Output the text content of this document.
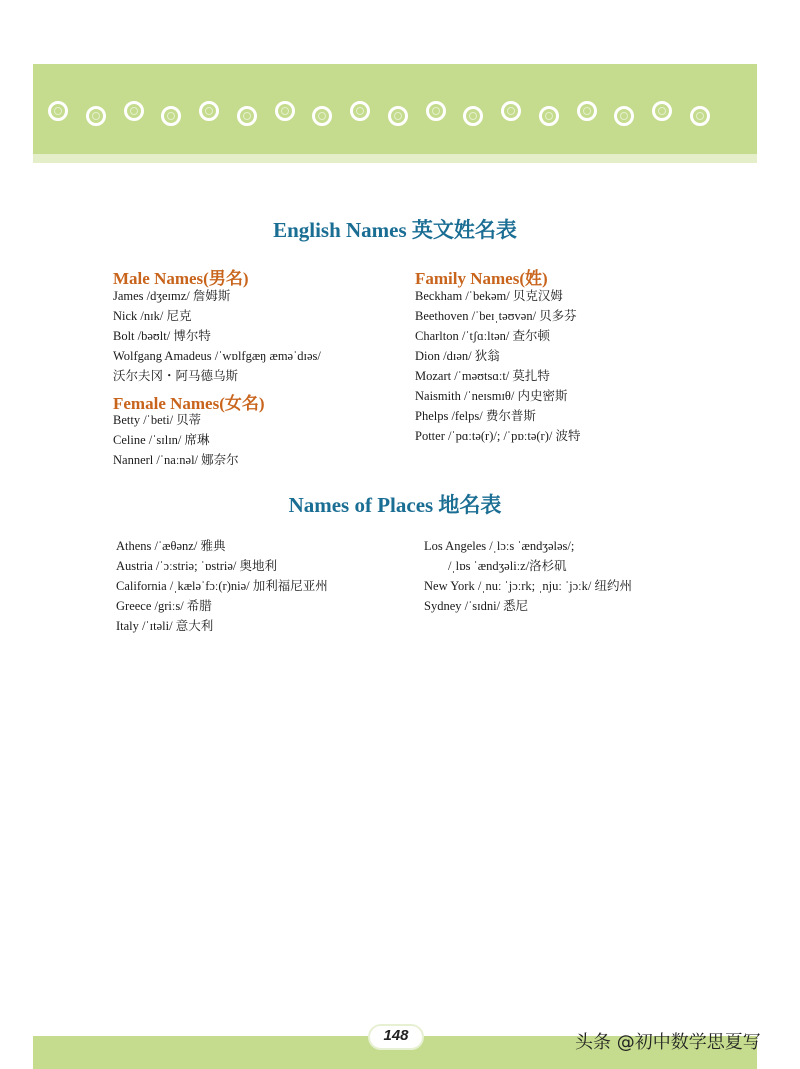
English Names 英文姓名表
Male Names(男名)
James /dʒeɪmz/ 詹姆斯
Nick /nɪk/ 尼克
Bolt /bəʊlt/ 博尔特
Wolfgang Amadeus /ˈwɒlfgæŋ æməˈdɪəs/
沃尔夫冈・阿马德乌斯
Female Names(女名)
Betty /ˈbeti/ 贝蒂
Celine /ˈsɪlɪn/ 席琳
Nannerl /ˈnaːnəl/ 娜奈尔
Family Names(姓)
Beckham /ˈbekəm/ 贝克汉姆
Beethoven /ˈbeɪˌtəʊvən/ 贝多芬
Charlton /ˈtʃɑːltən/ 查尔顿
Dion /dɪən/ 狄翁
Mozart /ˈməʊtsɑːt/ 莫扎特
Naismith /ˈneɪsmɪθ/ 内史密斯
Phelps /felps/ 费尔普斯
Potter /ˈpɑːtə(r)/; /ˈpɒːtə(r)/ 波特
Names of Places 地名表
Athens /ˈæθənz/ 雅典
Austria /ˈɔːstriə; ˈɒstriə/ 奥地利
California /ˌkæləˈfɔː(r)niə/ 加利福尼亚州
Greece /griːs/ 希腊
Italy /ˈɪtəli/ 意大利
Los Angeles /ˌlɔːs ˈændʒələs/;
/ˌlɒs ˈændʒəliːz/洛杉矶
New York /ˌnuː ˈjɔːrk; ˌnjuː ˈjɔːk/ 纽约州
Sydney /ˈsɪdni/ 悉尼
148	头条 @初中数学思夏写
